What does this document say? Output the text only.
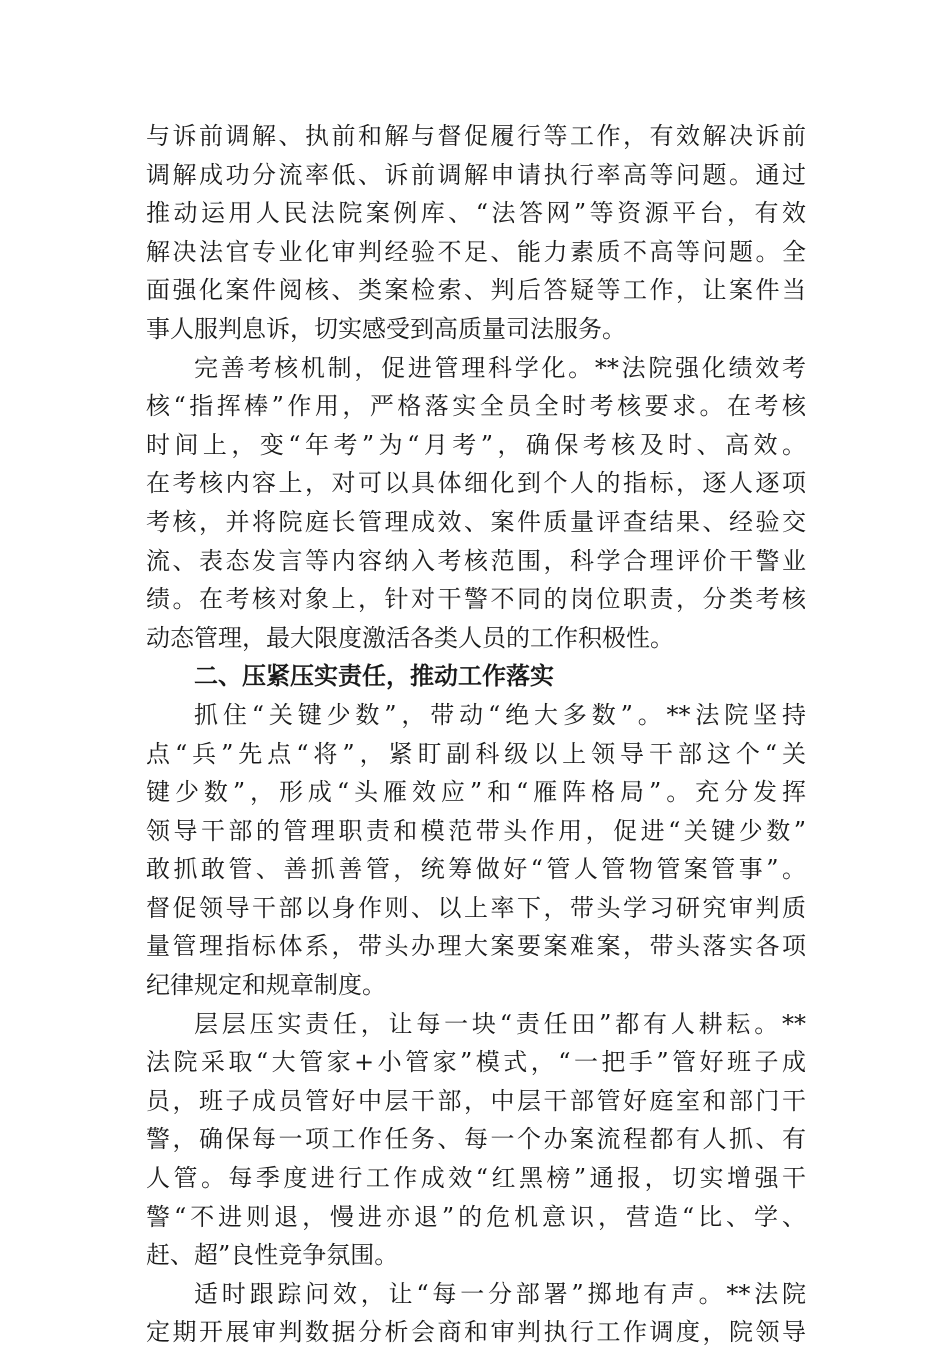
与诉前调解、执前和解与督促履行等工作，有效解决诉前
调解成功分流率低、诉前调解申请执行率高等问题。通过
推动运用人民法院案例库、“法答网”等资源平台，有效
解决法官专业化审判经验不足、能力素质不高等问题。全
面强化案件阅核、类案检索、判后答疑等工作，让案件当
事人服判息诉，切实感受到高质量司法服务。
完善考核机制，促进管理科学化。**法院强化绩效考
核“指挥棒”作用，严格落实全员全时考核要求。在考核
时间上，变“年考”为“月考”，确保考核及时、高效。
在考核内容上，对可以具体细化到个人的指标，逐人逐项
考核，并将院庭长管理成效、案件质量评查结果、经验交
流、表态发言等内容纳入考核范围，科学合理评价干警业
绩。在考核对象上，针对干警不同的岗位职责，分类考核
动态管理，最大限度激活各类人员的工作积极性。
二、压紧压实责任，推动工作落实
抓住“关键少数”，带动“绝大多数”。**法院坚持
点“兵”先点“将”，紧盯副科级以上领导干部这个“关
键少数”，形成“头雁效应”和“雁阵格局”。充分发挥
领导干部的管理职责和模范带头作用，促进“关键少数”
敢抓敢管、善抓善管，统筹做好“管人管物管案管事”。
督促领导干部以身作则、以上率下，带头学习研究审判质
量管理指标体系，带头办理大案要案难案，带头落实各项
纪律规定和规章制度。
层层压实责任，让每一块“责任田”都有人耕耘。**
法院采取“大管家+小管家”模式，“一把手”管好班子成
员，班子成员管好中层干部，中层干部管好庭室和部门干
警，确保每一项工作任务、每一个办案流程都有人抓、有
人管。每季度进行工作成效“红黑榜”通报，切实增强干
警“不进则退，慢进亦退”的危机意识，营造“比、学、
赶、超”良性竞争氛围。
适时跟踪问效，让“每一分部署”掷地有声。**法院
定期开展审判数据分析会商和审判执行工作调度，院领导
